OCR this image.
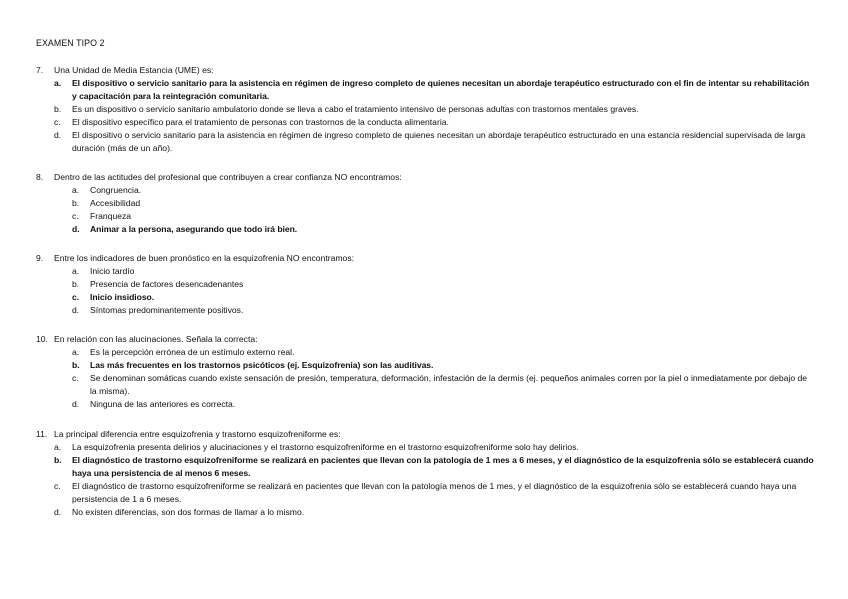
EXAMEN TIPO 2
7. Una Unidad de Media Estancia (UME) es:
a. El dispositivo o servicio sanitario para la asistencia en régimen de ingreso completo de quienes necesitan un abordaje terapéutico estructurado con el fin de intentar su rehabilitación y capacitación para la reintegración comunitaria.
b. Es un dispositivo o servicio sanitario ambulatorio donde se lleva a cabo el tratamiento intensivo de personas adultas con trastornos mentales graves.
c. El dispositivo específico para el tratamiento de personas con trastornos de la conducta alimentaria.
d. El dispositivo o servicio sanitario para la asistencia en régimen de ingreso completo de quienes necesitan un abordaje terapéutico estructurado en una estancia residencial supervisada de larga duración (más de un año).
8. Dentro de las actitudes del profesional que contribuyen a crear confianza NO encontramos:
a. Congruencia.
b. Accesibilidad
c. Franqueza
d. Animar a la persona, asegurando que todo irá bien.
9. Entre los indicadores de buen pronóstico en la esquizofrenia NO encontramos:
a. Inicio tardío
b. Presencia de factores desencadenantes
c. Inicio insidioso.
d. Síntomas predominantemente positivos.
10. En relación con las alucinaciones. Señala la correcta:
a. Es la percepción errónea de un estímulo externo real.
b. Las más frecuentes en los trastornos psicóticos (ej. Esquizofrenia) son las auditivas.
c. Se denominan somáticas cuando existe sensación de presión, temperatura, deformación, infestación de la dermis (ej. pequeños animales corren por la piel o inmediatamente por debajo de la misma).
d. Ninguna de las anteriores es correcta.
11. La principal diferencia entre esquizofrenia y trastorno esquizofreniforme es:
a. La esquizofrenia presenta delirios y alucinaciones y el trastorno esquizofreniforme en el trastorno esquizofreniforme solo hay delirios.
b. El diagnóstico de trastorno esquizofreniforme se realizará en pacientes que llevan con la patología de 1 mes a 6 meses, y el diagnóstico de la esquizofrenia sólo se establecerá cuando haya una persistencia de al menos 6 meses.
c. El diagnóstico de trastorno esquizofreniforme se realizará en pacientes que llevan con la patología menos de 1 mes, y el diagnóstico de la esquizofrenia sólo se establecerá cuando haya una persistencia de 1 a 6 meses.
d. No existen diferencias, son dos formas de llamar a lo mismo.
